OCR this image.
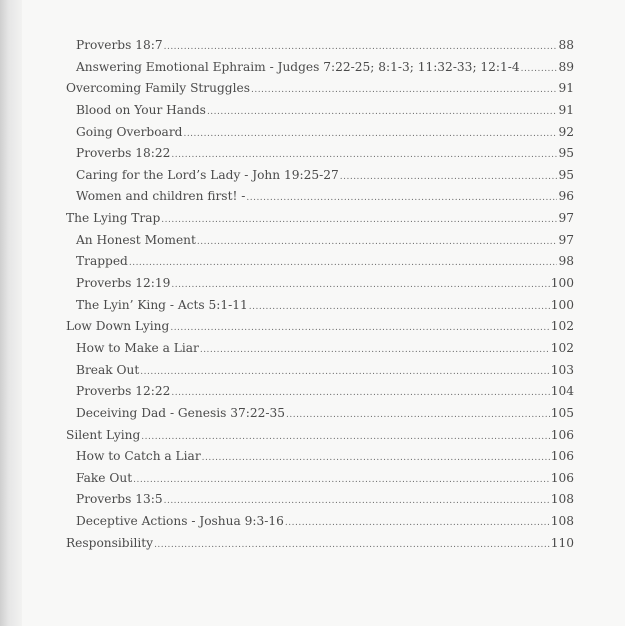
Proverbs 18:7 .....	88
Answering Emotional Ephraim - Judges 7:22-25; 8:1-3; 11:32-33; 12:1-4 .....	89
Overcoming Family Struggles .....	91
Blood on Your Hands .....	91
Going Overboard .....	92
Proverbs 18:22 .....	95
Caring for the Lord’s Lady - John 19:25-27 .....	95
Women and children first! - .....	96
The Lying Trap .....	97
An Honest Moment .....	97
Trapped .....	98
Proverbs 12:19 .....	100
The Lyin’ King - Acts 5:1-11 .....	100
Low Down Lying .....	102
How to Make a Liar .....	102
Break Out .....	103
Proverbs 12:22 .....	104
Deceiving Dad - Genesis 37:22-35 .....	105
Silent Lying .....	106
How to Catch a Liar .....	106
Fake Out .....	106
Proverbs 13:5 .....	108
Deceptive Actions - Joshua 9:3-16 .....	108
Responsibility .....	110
